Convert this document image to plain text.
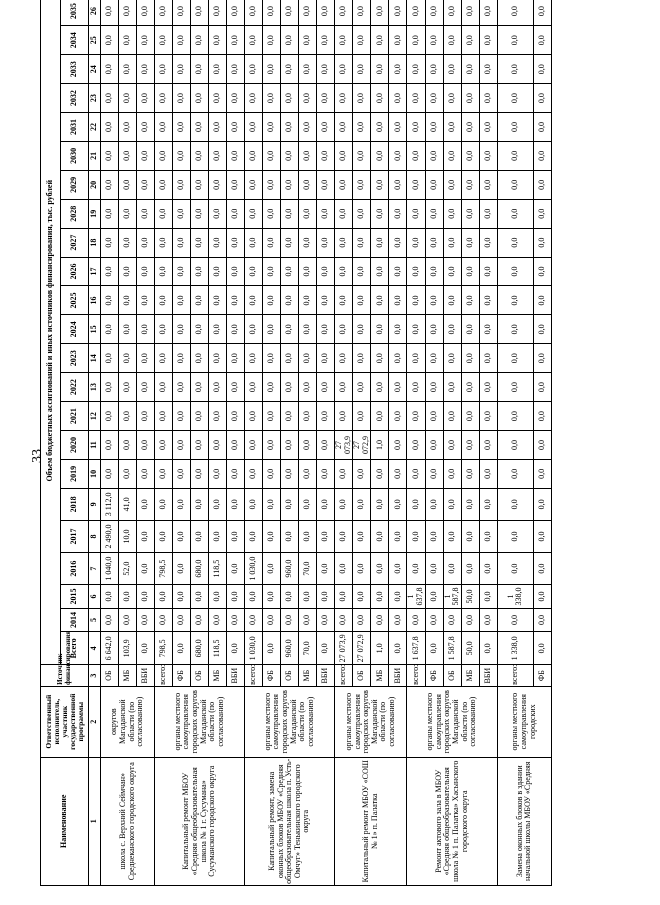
33
Наименование	Ответственный исполнитель, участник государственной программы	Источник финансирования	Объем бюджетных ассигнований и иных источников финансирования, тыс. рублей																						
			Всего	2014	2015	2016	2017	2018	2019	2020	2021	2022	2023	2024	2025	2026	2027	2028	2029	2030	2031	2032	2033	2034	2035
1	2	3	4	5	6	7	8	9	10	11	12	13	14	15	16	17	18	19	20	21	22	23	24	25	26
школа с. Верхний Сеймчан» Среднеканского городского округа	округов Магаданской области (по согласованию)	ОБ	6 642,0	0,0	0,0	1 040,0	2 490,0	3 112,0	0,0	0,0	0,0	0,0	0,0	0,0	0,0	0,0	0,0	0,0	0,0	0,0	0,0	0,0	0,0	0,0	0,0
		МБ	103,9	0,0	0,0	52,0	10,0	41,0	0,0	0,0	0,0	0,0	0,0	0,0	0,0	0,0	0,0	0,0	0,0	0,0	0,0	0,0	0,0	0,0	0,0
		ВБИ	0,0	0,0	0,0	0,0	0,0	0,0	0,0	0,0	0,0	0,0	0,0	0,0	0,0	0,0	0,0	0,0	0,0	0,0	0,0	0,0	0,0	0,0	0,0
Капитальный ремонт МБОУ «Средняя общеобразовательная школа № 1 г. Сусумана» Сусуманского городского округа	органы местного самоуправления городских округов Магаданской области (по согласованию)	всего:	798,5	0,0	0,0	798,5	0,0	0,0	0,0	0,0	0,0	0,0	0,0	0,0	0,0	0,0	0,0	0,0	0,0	0,0	0,0	0,0	0,0	0,0	0,0
		ФБ	0,0	0,0	0,0	0,0	0,0	0,0	0,0	0,0	0,0	0,0	0,0	0,0	0,0	0,0	0,0	0,0	0,0	0,0	0,0	0,0	0,0	0,0	0,0
		ОБ	680,0	0,0	0,0	680,0	0,0	0,0	0,0	0,0	0,0	0,0	0,0	0,0	0,0	0,0	0,0	0,0	0,0	0,0	0,0	0,0	0,0	0,0	0,0
		МБ	118,5	0,0	0,0	118,5	0,0	0,0	0,0	0,0	0,0	0,0	0,0	0,0	0,0	0,0	0,0	0,0	0,0	0,0	0,0	0,0	0,0	0,0	0,0
		ВБИ	0,0	0,0	0,0	0,0	0,0	0,0	0,0	0,0	0,0	0,0	0,0	0,0	0,0	0,0	0,0	0,0	0,0	0,0	0,0	0,0	0,0	0,0	0,0
Капитальный ремонт, замена оконных блоков МБОУ «Средняя общеобразовательная школа п. Усть-Омчуг» Тенькинского городского округа	органы местного самоуправления городских округов Магаданской области (по согласованию)	всего:	1 030,0	0,0	0,0	1 030,0	0,0	0,0	0,0	0,0	0,0	0,0	0,0	0,0	0,0	0,0	0,0	0,0	0,0	0,0	0,0	0,0	0,0	0,0	0,0
		ФБ	0,0	0,0	0,0	0,0	0,0	0,0	0,0	0,0	0,0	0,0	0,0	0,0	0,0	0,0	0,0	0,0	0,0	0,0	0,0	0,0	0,0	0,0	0,0
		ОБ	960,0	0,0	0,0	960,0	0,0	0,0	0,0	0,0	0,0	0,0	0,0	0,0	0,0	0,0	0,0	0,0	0,0	0,0	0,0	0,0	0,0	0,0	0,0
		МБ	70,0	0,0	0,0	70,0	0,0	0,0	0,0	0,0	0,0	0,0	0,0	0,0	0,0	0,0	0,0	0,0	0,0	0,0	0,0	0,0	0,0	0,0	0,0
		ВБИ	0,0	0,0	0,0	0,0	0,0	0,0	0,0	0,0	0,0	0,0	0,0	0,0	0,0	0,0	0,0	0,0	0,0	0,0	0,0	0,0	0,0	0,0	0,0
Капитальный ремонт МБОУ «СОШ № 1» п. Палатка	органы местного самоуправления городских округов Магаданской области (по согласованию)	всего:	27 073,9	0,0	0,0	0,0	0,0	0,0	0,0	27 073,9	0,0	0,0	0,0	0,0	0,0	0,0	0,0	0,0	0,0	0,0	0,0	0,0	0,0	0,0	0,0
		ОБ	27 072,9	0,0	0,0	0,0	0,0	0,0	0,0	27 072,9	0,0	0,0	0,0	0,0	0,0	0,0	0,0	0,0	0,0	0,0	0,0	0,0	0,0	0,0	0,0
		МБ	1,0	0,0	0,0	0,0	0,0	0,0	0,0	1,0	0,0	0,0	0,0	0,0	0,0	0,0	0,0	0,0	0,0	0,0	0,0	0,0	0,0	0,0	0,0
		ВБИ	0,0	0,0	0,0	0,0	0,0	0,0	0,0	0,0	0,0	0,0	0,0	0,0	0,0	0,0	0,0	0,0	0,0	0,0	0,0	0,0	0,0	0,0	0,0
Ремонт актового зала в МБОУ «Средняя общеобразовательная школа № 1 п. Палатка» Хасынского городского округа	органы местного самоуправления городских округов Магаданской области (по согласованию)	всего:	1 637,8	0,0	1 637,8	0,0	0,0	0,0	0,0	0,0	0,0	0,0	0,0	0,0	0,0	0,0	0,0	0,0	0,0	0,0	0,0	0,0	0,0	0,0	0,0
		ФБ	0,0	0,0	0,0	0,0	0,0	0,0	0,0	0,0	0,0	0,0	0,0	0,0	0,0	0,0	0,0	0,0	0,0	0,0	0,0	0,0	0,0	0,0	0,0
		ОБ	1 587,8	0,0	1 587,8	0,0	0,0	0,0	0,0	0,0	0,0	0,0	0,0	0,0	0,0	0,0	0,0	0,0	0,0	0,0	0,0	0,0	0,0	0,0	0,0
		МБ	50,0	0,0	50,0	0,0	0,0	0,0	0,0	0,0	0,0	0,0	0,0	0,0	0,0	0,0	0,0	0,0	0,0	0,0	0,0	0,0	0,0	0,0	0,0
		ВБИ	0,0	0,0	0,0	0,0	0,0	0,0	0,0	0,0	0,0	0,0	0,0	0,0	0,0	0,0	0,0	0,0	0,0	0,0	0,0	0,0	0,0	0,0	0,0
Замена оконных блоков в здании начальной школы МБОУ «Средняя	органы местного самоуправления городских	всего:	1 338,0	0,0	1 338,0	0,0	0,0	0,0	0,0	0,0	0,0	0,0	0,0	0,0	0,0	0,0	0,0	0,0	0,0	0,0	0,0	0,0	0,0	0,0	0,0
		ФБ	0,0	0,0	0,0	0,0	0,0	0,0	0,0	0,0	0,0	0,0	0,0	0,0	0,0	0,0	0,0	0,0	0,0	0,0	0,0	0,0	0,0	0,0	0,0
